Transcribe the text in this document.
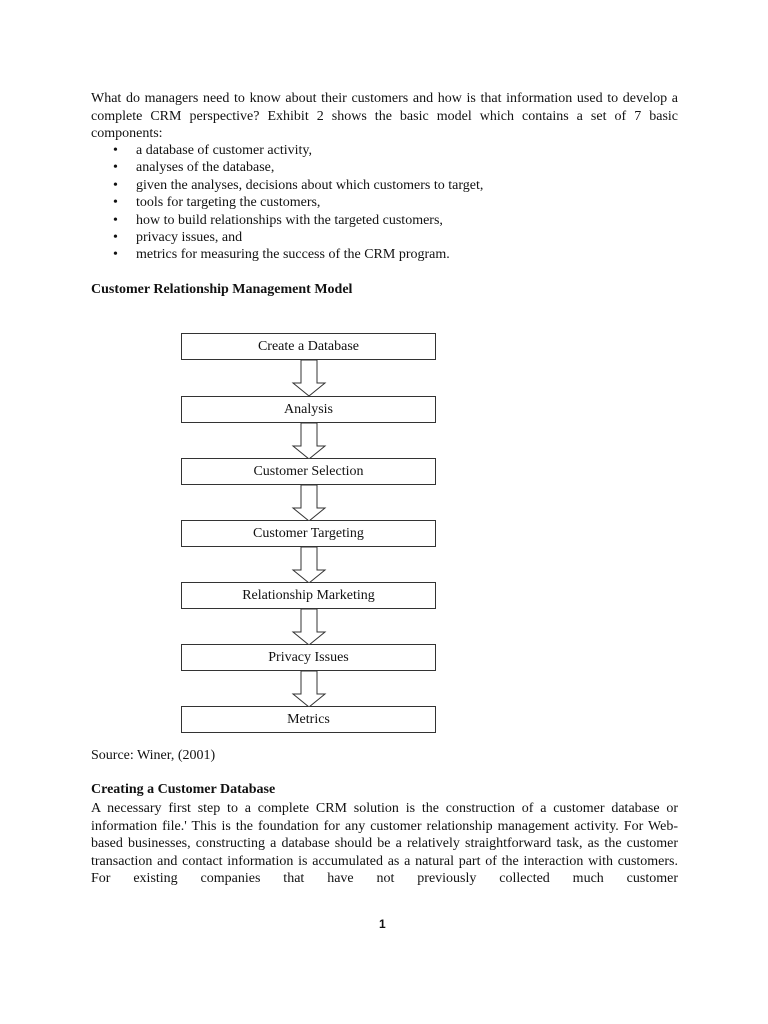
What do managers need to know about their customers and how is that information used to develop a complete CRM perspective? Exhibit 2 shows the basic model which contains a set of 7 basic components:

• a database of customer activity,
• analyses of the database,
• given the analyses, decisions about which customers to target,
• tools for targeting the customers,
• how to build relationships with the targeted customers,
• privacy issues, and
• metrics for measuring the success of the CRM program.

Customer Relationship Management Model

Create a Database
Analysis
Customer Selection
Customer Targeting
Relationship Marketing
Privacy Issues
Metrics

Source: Winer, (2001)

Creating a Customer Database

A necessary first step to a complete CRM solution is the construction of a customer database or information file.' This is the foundation for any customer relationship management activity. For Web-based businesses, constructing a database should be a relatively straightforward task, as the customer transaction and contact information is accumulated as a natural part of the interaction with customers. For existing companies that have not previously collected much customer

1
